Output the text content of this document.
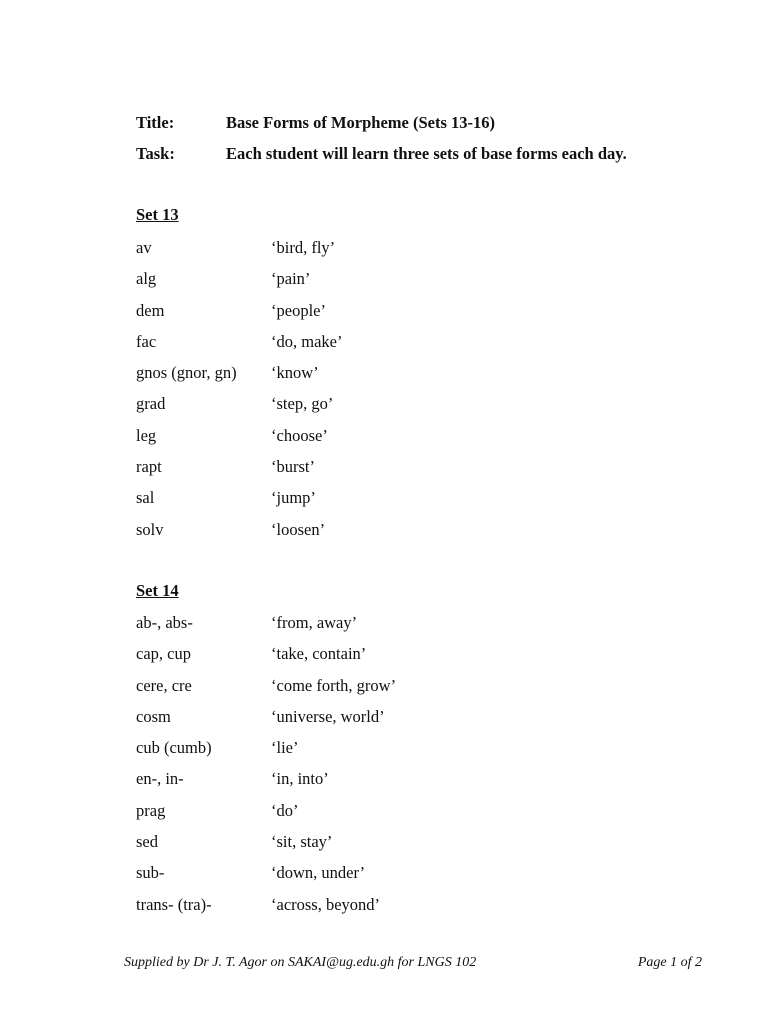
Title:	Base Forms of Morpheme (Sets 13-16)
Task:	Each student will learn three sets of base forms each day.
Set 13
av	‘bird, fly’
alg	‘pain’
dem	‘people’
fac	‘do, make’
gnos (gnor, gn) ‘know’
grad	‘step, go’
leg	‘choose’
rapt	‘burst’
sal	‘jump’
solv	‘loosen’
Set 14
ab-, abs-	‘from, away’
cap, cup	‘take, contain’
cere, cre	‘come forth, grow’
cosm	‘universe, world’
cub (cumb)	‘lie’
en-, in-	‘in, into’
prag	‘do’
sed	‘sit, stay’
sub-	‘down, under’
trans- (tra)-	‘across, beyond’
Supplied by Dr J. T. Agor on SAKAI@ug.edu.gh for LNGS 102	Page 1 of 2
